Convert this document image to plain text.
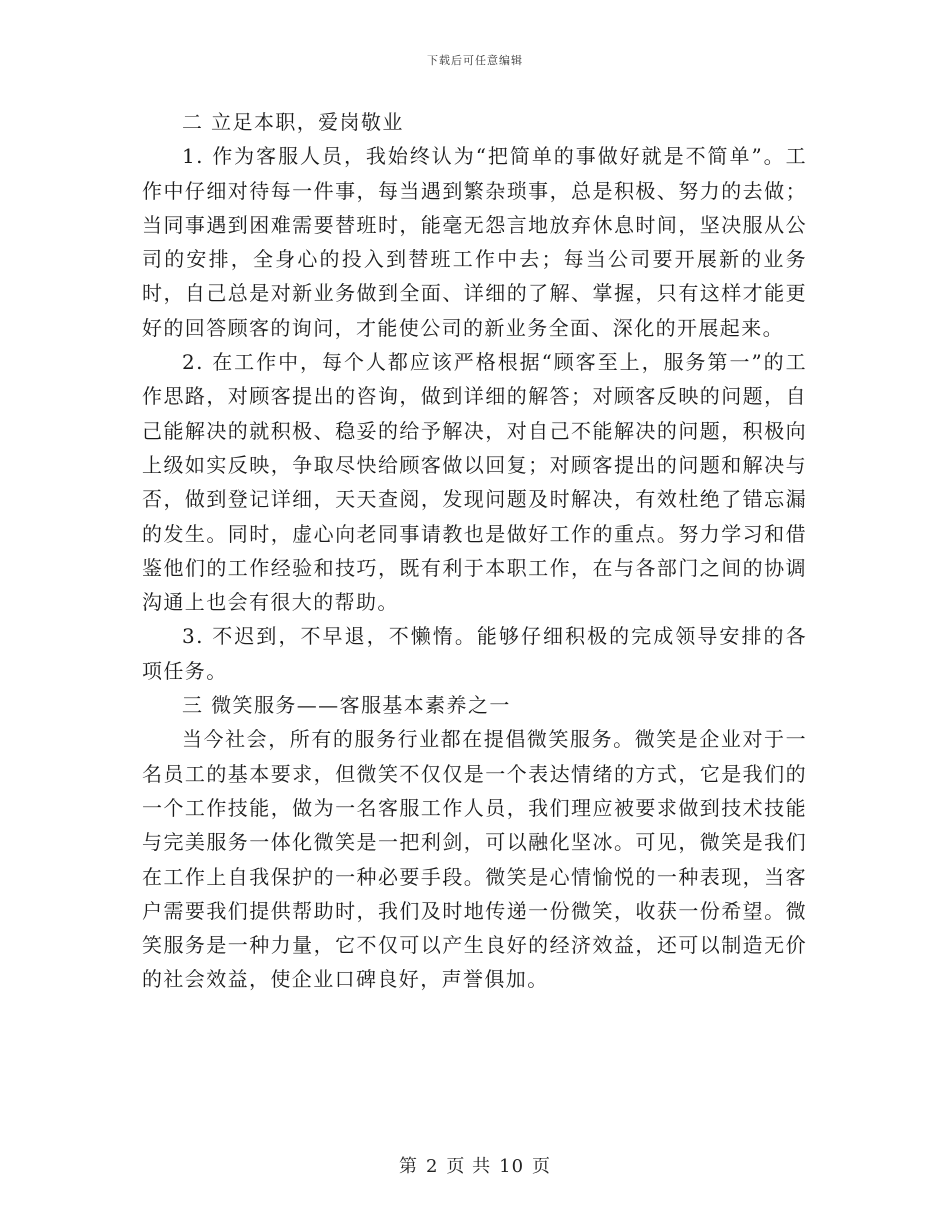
下载后可任意编辑

二 立足本职，爱岗敬业

1. 作为客服人员，我始终认为“把简单的事做好就是不简单”。工作中仔细对待每一件事，每当遇到繁杂琐事，总是积极、努力的去做；当同事遇到困难需要替班时，能毫无怨言地放弃休息时间，坚决服从公司的安排，全身心的投入到替班工作中去；每当公司要开展新的业务时，自己总是对新业务做到全面、详细的了解、掌握，只有这样才能更好的回答顾客的询问，才能使公司的新业务全面、深化的开展起来。

2. 在工作中，每个人都应该严格根据“顾客至上，服务第一”的工作思路，对顾客提出的咨询，做到详细的解答；对顾客反映的问题，自己能解决的就积极、稳妥的给予解决，对自己不能解决的问题，积极向上级如实反映，争取尽快给顾客做以回复；对顾客提出的问题和解决与否，做到登记详细，天天查阅，发现问题及时解决，有效杜绝了错忘漏的发生。同时，虚心向老同事请教也是做好工作的重点。努力学习和借鉴他们的工作经验和技巧，既有利于本职工作，在与各部门之间的协调沟通上也会有很大的帮助。

3. 不迟到，不早退，不懒惰。能够仔细积极的完成领导安排的各项任务。

三 微笑服务——客服基本素养之一

当今社会，所有的服务行业都在提倡微笑服务。微笑是企业对于一名员工的基本要求，但微笑不仅仅是一个表达情绪的方式，它是我们的一个工作技能，做为一名客服工作人员，我们理应被要求做到技术技能与完美服务一体化微笑是一把利剑，可以融化坚冰。可见，微笑是我们在工作上自我保护的一种必要手段。微笑是心情愉悦的一种表现，当客户需要我们提供帮助时，我们及时地传递一份微笑，收获一份希望。微笑服务是一种力量，它不仅可以产生良好的经济效益，还可以制造无价的社会效益，使企业口碑良好，声誉俱加。

第 2 页 共 10 页
